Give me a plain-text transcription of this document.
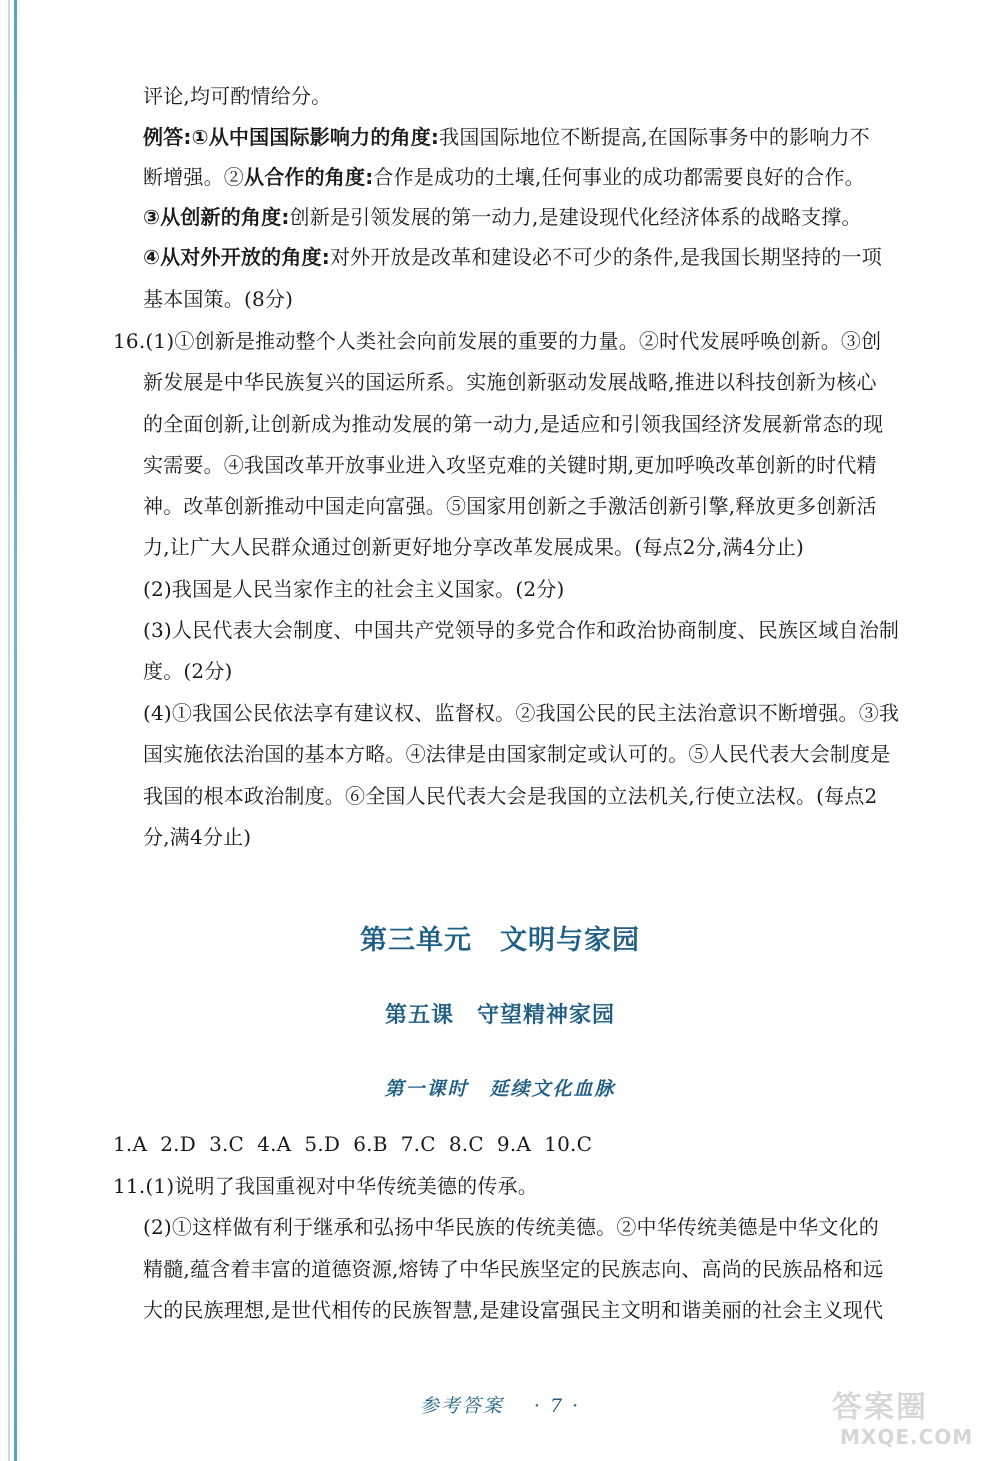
评论,均可酌情给分。
例答:①从中国国际影响力的角度:我国国际地位不断提高,在国际事务中的影响力不
断增强。②从合作的角度:合作是成功的土壤,任何事业的成功都需要良好的合作。
③从创新的角度:创新是引领发展的第一动力,是建设现代化经济体系的战略支撑。
④从对外开放的角度:对外开放是改革和建设必不可少的条件,是我国长期坚持的一项
基本国策。(8分)
16.(1)①创新是推动整个人类社会向前发展的重要的力量。②时代发展呼唤创新。③创
新发展是中华民族复兴的国运所系。实施创新驱动发展战略,推进以科技创新为核心
的全面创新,让创新成为推动发展的第一动力,是适应和引领我国经济发展新常态的现
实需要。④我国改革开放事业进入攻坚克难的关键时期,更加呼唤改革创新的时代精
神。改革创新推动中国走向富强。⑤国家用创新之手激活创新引擎,释放更多创新活
力,让广大人民群众通过创新更好地分享改革发展成果。(每点2分,满4分止)
(2)我国是人民当家作主的社会主义国家。(2分)
(3)人民代表大会制度、中国共产党领导的多党合作和政治协商制度、民族区域自治制
度。(2分)
(4)①我国公民依法享有建议权、监督权。②我国公民的民主法治意识不断增强。③我
国实施依法治国的基本方略。④法律是由国家制定或认可的。⑤人民代表大会制度是
我国的根本政治制度。⑥全国人民代表大会是我国的立法机关,行使立法权。(每点2
分,满4分止)
第三单元　文明与家园
第五课　守望精神家园
第一课时　延续文化血脉
1.A  2.D  3.C  4.A  5.D  6.B  7.C  8.C  9.A  10.C
11.(1)说明了我国重视对中华传统美德的传承。
(2)①这样做有利于继承和弘扬中华民族的传统美德。②中华传统美德是中华文化的
精髓,蕴含着丰富的道德资源,熔铸了中华民族坚定的民族志向、高尚的民族品格和远
大的民族理想,是世代相传的民族智慧,是建设富强民主文明和谐美丽的社会主义现代
参考答案 · 7 ·	答案圈
MXQE.COM
